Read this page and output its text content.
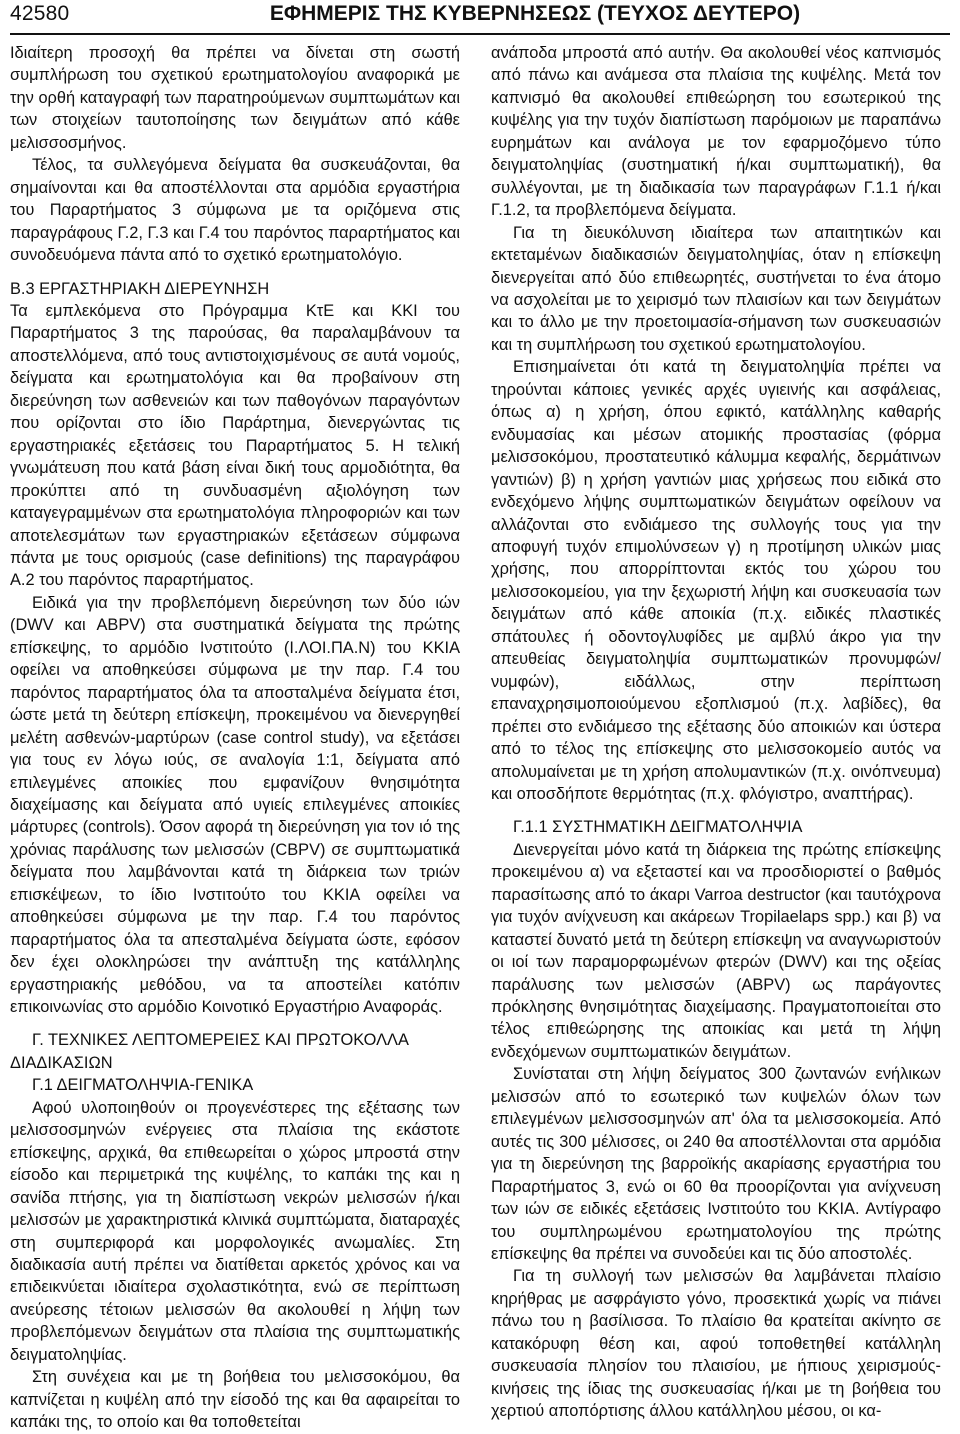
42580	ΕΦΗΜΕΡΙΣ ΤΗΣ ΚΥΒΕΡΝΗΣΕΩΣ (ΤΕΥΧΟΣ ΔΕΥΤΕΡΟ)

Ιδιαίτερη προσοχή θα πρέπει να δίνεται στη σωστή συμπλήρωση του σχετικού ερωτηματολογίου αναφορικά με την ορθή καταγραφή των παρατηρούμενων συμπτωμάτων και των στοιχείων ταυτοποίησης των δειγμάτων από κάθε μελισσοσμήνος.

Τέλος, τα συλλεγόμενα δείγματα θα συσκευάζονται, θα σημαίνονται και θα αποστέλλονται στα αρμόδια εργαστήρια του Παραρτήματος 3 σύμφωνα με τα οριζόμενα στις παραγράφους Γ.2, Γ.3 και Γ.4 του παρόντος παραρτήματος και συνοδευόμενα πάντα από το σχετικό ερωτηματολόγιο.

Β.3 ΕΡΓΑΣΤΗΡΙΑΚΗ ΔΙΕΡΕΥΝΗΣΗ

Τα εμπλεκόμενα στο Πρόγραμμα ΚτΕ και ΚΚΙ του Παραρτήματος 3 της παρούσας, θα παραλαμβάνουν τα αποστελλόμενα, από τους αντιστοιχισμένους σε αυτά νομούς, δείγματα και ερωτηματολόγια και θα προβαίνουν στη διερεύνηση των ασθενειών και των παθογόνων παραγόντων που ορίζονται στο ίδιο Παράρτημα, διενεργώντας τις εργαστηριακές εξετάσεις του Παραρτήματος 5. Η τελική γνωμάτευση που κατά βάση είναι δική τους αρμοδιότητα, θα προκύπτει από τη συνδυασμένη αξιολόγηση των καταγεγραμμένων στα ερωτηματολόγια πληροφοριών και των αποτελεσμάτων των εργαστηριακών εξετάσεων σύμφωνα πάντα με τους ορισμούς (case definitions) της παραγράφου Α.2 του παρόντος παραρτήματος.

Ειδικά για την προβλεπόμενη διερεύνηση των δύο ιών (DWV και ABPV) στα συστηματικά δείγματα της πρώτης επίσκεψης, το αρμόδιο Ινστιτούτο (Ι.ΛΟΙ.ΠΑ.Ν) του ΚΚΙΑ οφείλει να αποθηκεύσει σύμφωνα με την παρ. Γ.4 του παρόντος παραρτήματος όλα τα αποσταλμένα δείγματα έτσι, ώστε μετά τη δεύτερη επίσκεψη, προκειμένου να διενεργηθεί μελέτη ασθενών-μαρτύρων (case control study), να εξετάσει για τους εν λόγω ιούς, σε αναλογία 1:1, δείγματα από επιλεγμένες αποικίες που εμφανίζουν θνησιμότητα διαχείμασης και δείγματα από υγιείς επιλεγμένες αποικίες μάρτυρες (controls). Όσον αφορά τη διερεύνηση για τον ιό της χρόνιας παράλυσης των μελισσών (CBPV) σε συμπτωματικά δείγματα που λαμβάνονται κατά τη διάρκεια των τριών επισκέψεων, το ίδιο Ινστιτούτο του ΚΚΙΑ οφείλει να αποθηκεύσει σύμφωνα με την παρ. Γ.4 του παρόντος παραρτήματος όλα τα απεσταλμένα δείγματα ώστε, εφόσον δεν έχει ολοκληρώσει την ανάπτυξη της κατάλληλης εργαστηριακής μεθόδου, να τα αποστείλει κατόπιν επικοινωνίας στο αρμόδιο Κοινοτικό Εργαστήριο Αναφοράς.

Γ. ΤΕΧΝΙΚΕΣ ΛΕΠΤΟΜΕΡΕΙΕΣ ΚΑΙ ΠΡΩΤΟΚΟΛΛΑ ΔΙΑΔΙΚΑΣΙΩΝ

Γ.1 ΔΕΙΓΜΑΤΟΛΗΨΙΑ-ΓΕΝΙΚΑ

Αφού υλοποιηθούν οι προγενέστερες της εξέτασης των μελισσοσμηνών ενέργειες στα πλαίσια της εκάστοτε επίσκεψης, αρχικά, θα επιθεωρείται ο χώρος μπροστά στην είσοδο και περιμετρικά της κυψέλης, το καπάκι της και η σανίδα πτήσης, για τη διαπίστωση νεκρών μελισσών ή/και μελισσών με χαρακτηριστικά κλινικά συμπτώματα, διαταραχές στη συμπεριφορά και μορφολογικές ανωμαλίες. Στη διαδικασία αυτή πρέπει να διατίθεται αρκετός χρόνος και να επιδεικνύεται ιδιαίτερα σχολαστικότητα, ενώ σε περίπτωση ανεύρεσης τέτοιων μελισσών θα ακολουθεί η λήψη των προβλεπόμενων δειγμάτων στα πλαίσια της συμπτωματικής δειγματοληψίας.

Στη συνέχεια και με τη βοήθεια του μελισσοκόμου, θα καπνίζεται η κυψέλη από την είσοδό της και θα αφαιρείται το καπάκι της, το οποίο και θα τοποθετείται

ανάποδα μπροστά από αυτήν. Θα ακολουθεί νέος καπνισμός από πάνω και ανάμεσα στα πλαίσια της κυψέλης. Μετά τον καπνισμό θα ακολουθεί επιθεώρηση του εσωτερικού της κυψέλης για την τυχόν διαπίστωση παρόμοιων με παραπάνω ευρημάτων και ανάλογα με τον εφαρμοζόμενο τύπο δειγματοληψίας (συστηματική ή/και συμπτωματική), θα συλλέγονται, με τη διαδικασία των παραγράφων Γ.1.1 ή/και Γ.1.2, τα προβλεπόμενα δείγματα.

Για τη διευκόλυνση ιδιαίτερα των απαιτητικών και εκτεταμένων διαδικασιών δειγματοληψίας, όταν η επίσκεψη διενεργείται από δύο επιθεωρητές, συστήνεται το ένα άτομο να ασχολείται με το χειρισμό των πλαισίων και των δειγμάτων και το άλλο με την προετοιμασία-σήμανση των συσκευασιών και τη συμπλήρωση του σχετικού ερωτηματολογίου.

Επισημαίνεται ότι κατά τη δειγματοληψία πρέπει να τηρούνται κάποιες γενικές αρχές υγιεινής και ασφάλειας, όπως α) η χρήση, όπου εφικτό, κατάλληλης καθαρής ενδυμασίας και μέσων ατομικής προστασίας (φόρμα μελισσοκόμου, προστατευτικό κάλυμμα κεφαλής, δερμάτινων γαντιών) β) η χρήση γαντιών μιας χρήσεως που ειδικά στο ενδεχόμενο λήψης συμπτωματικών δειγμάτων οφείλουν να αλλάζονται στο ενδιάμεσο της συλλογής τους για την αποφυγή τυχόν επιμολύνσεων γ) η προτίμηση υλικών μιας χρήσης, που απορρίπτονται εκτός του χώρου του μελισσοκομείου, για την ξεχωριστή λήψη και συσκευασία των δειγμάτων από κάθε αποικία (π.χ. ειδικές πλαστικές σπάτουλες ή οδοντογλυφίδες με αμβλύ άκρο για την απευθείας δειγματοληψία συμπτωματικών προνυμφών/νυμφών), ειδάλλως, στην περίπτωση επαναχρησιμοποιούμενου εξοπλισμού (π.χ. λαβίδες), θα πρέπει στο ενδιάμεσο της εξέτασης δύο αποικιών και ύστερα από το τέλος της επίσκεψης στο μελισσοκομείο αυτός να απολυμαίνεται με τη χρήση απολυμαντικών (π.χ. οινόπνευμα) και οποσδήποτε θερμότητας (π.χ. φλόγιστρο, αναπτήρας).

Γ.1.1 ΣΥΣΤΗΜΑΤΙΚΗ ΔΕΙΓΜΑΤΟΛΗΨΙΑ

Διενεργείται μόνο κατά τη διάρκεια της πρώτης επίσκεψης προκειμένου α) να εξεταστεί και να προσδιοριστεί ο βαθμός παρασίτωσης από το άκαρι Varroa destructor (και ταυτόχρονα για τυχόν ανίχνευση και ακάρεων Tropilaelaps spp.) και β) να καταστεί δυνατό μετά τη δεύτερη επίσκεψη να αναγνωριστούν οι ιοί των παραμορφωμένων φτερών (DWV) και της οξείας παράλυσης των μελισσών (ABPV) ως παράγοντες πρόκλησης θνησιμότητας διαχείμασης. Πραγματοποιείται στο τέλος επιθεώρησης της αποικίας και μετά τη λήψη ενδεχόμενων συμπτωματικών δειγμάτων.

Συνίσταται στη λήψη δείγματος 300 ζωντανών ενήλικων μελισσών από το εσωτερικό των κυψελών όλων των επιλεγμένων μελισσοσμηνών απ' όλα τα μελισσοκομεία. Από αυτές τις 300 μέλισσες, οι 240 θα αποστέλλονται στα αρμόδια για τη διερεύνηση της βαρροϊκής ακαρίασης εργαστήρια του Παραρτήματος 3, ενώ οι 60 θα προορίζονται για ανίχνευση των ιών σε ειδικές εξετάσεις Ινστιτούτο του ΚΚΙΑ. Αντίγραφο του συμπληρωμένου ερωτηματολογίου της πρώτης επίσκεψης θα πρέπει να συνοδεύει και τις δύο αποστολές.

Για τη συλλογή των μελισσών θα λαμβάνεται πλαίσιο κηρήθρας με ασφράγιστο γόνο, προσεκτικά χωρίς να πιάνει πάνω του η βασίλισσα. Το πλαίσιο θα κρατείται ακίνητο σε κατακόρυφη θέση και, αφού τοποθετηθεί κατάλληλη συσκευασία πλησίον του πλαισίου, με ήπιους χειρισμούς-κινήσεις της ίδιας της συσκευασίας ή/και με τη βοήθεια του χερτιού αποπόρτισης άλλου κατάλληλου μέσου, οι κα-
